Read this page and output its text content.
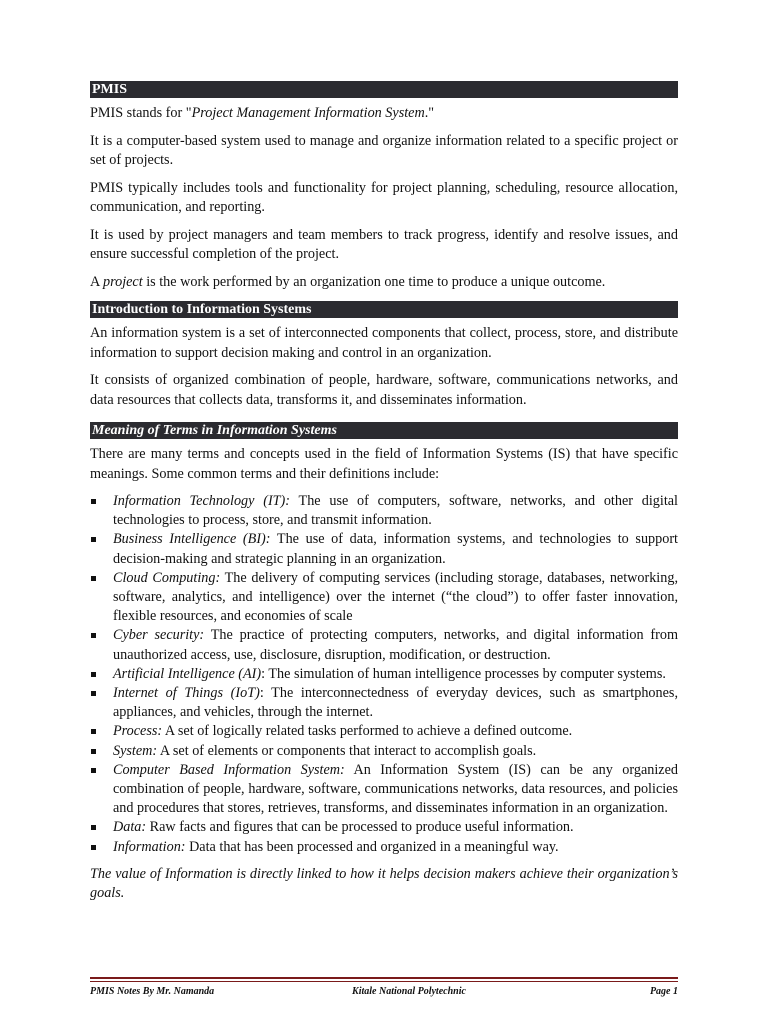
PMIS

PMIS stands for "Project Management Information System."

It is a computer-based system used to manage and organize information related to a specific project or set of projects.

PMIS typically includes tools and functionality for project planning, scheduling, resource allocation, communication, and reporting.

It is used by project managers and team members to track progress, identify and resolve issues, and ensure successful completion of the project.

A project is the work performed by an organization one time to produce a unique outcome.

Introduction to Information Systems

An information system is a set of interconnected components that collect, process, store, and distribute information to support decision making and control in an organization.

It consists of organized combination of people, hardware, software, communications networks, and data resources that collects data, transforms it, and disseminates information.

Meaning of Terms in Information Systems

There are many terms and concepts used in the field of Information Systems (IS) that have specific meanings. Some common terms and their definitions include:

Information Technology (IT): The use of computers, software, networks, and other digital technologies to process, store, and transmit information.
Business Intelligence (BI): The use of data, information systems, and technologies to support decision-making and strategic planning in an organization.
Cloud Computing: The delivery of computing services (including storage, databases, networking, software, analytics, and intelligence) over the internet (“the cloud”) to offer faster innovation, flexible resources, and economies of scale
Cyber security: The practice of protecting computers, networks, and digital information from unauthorized access, use, disclosure, disruption, modification, or destruction.
Artificial Intelligence (AI): The simulation of human intelligence processes by computer systems.
Internet of Things (IoT): The interconnectedness of everyday devices, such as smartphones, appliances, and vehicles, through the internet.
Process: A set of logically related tasks performed to achieve a defined outcome.
System: A set of elements or components that interact to accomplish goals.
Computer Based Information System: An Information System (IS) can be any organized combination of people, hardware, software, communications networks, data resources, and policies and procedures that stores, retrieves, transforms, and disseminates information in an organization.
Data: Raw facts and figures that can be processed to produce useful information.
Information: Data that has been processed and organized in a meaningful way.

The value of Information is directly linked to how it helps decision makers achieve their organization’s goals.

PMIS Notes By Mr. Namanda	Kitale National Polytechnic	Page 1
